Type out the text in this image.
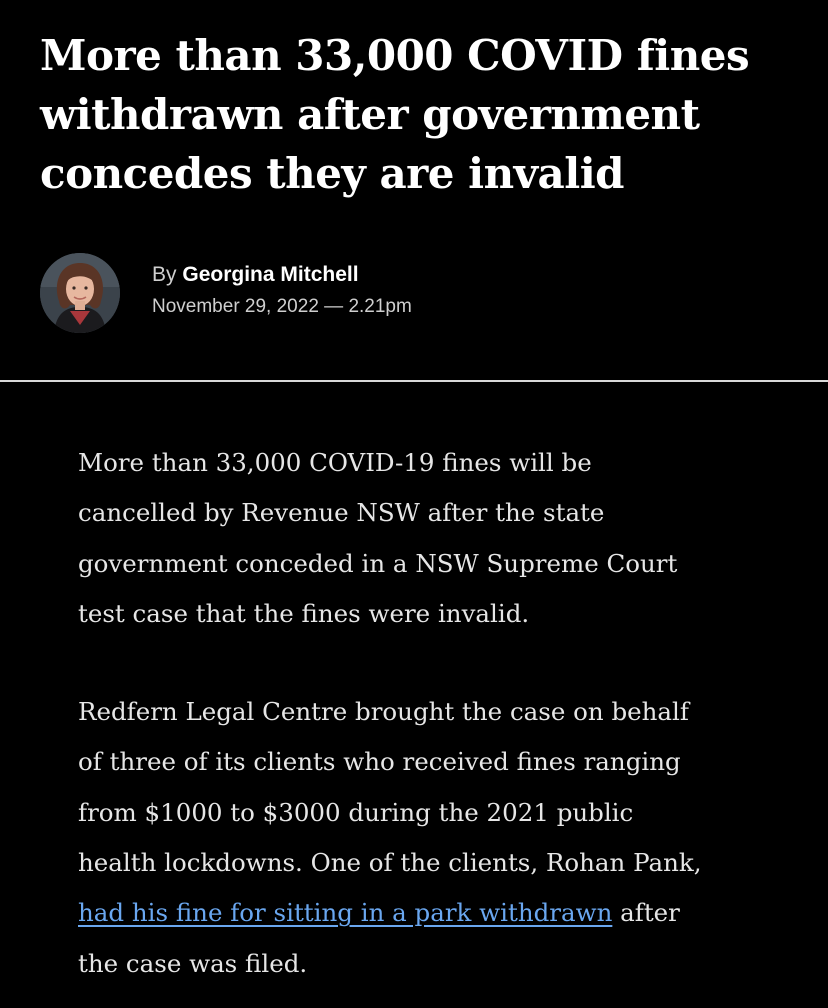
More than 33,000 COVID fines
withdrawn after government
concedes they are invalid
By Georgina Mitchell
November 29, 2022 — 2.21pm

More than 33,000 COVID-19 fines will be
cancelled by Revenue NSW after the state
government conceded in a NSW Supreme Court
test case that the fines were invalid.

Redfern Legal Centre brought the case on behalf
of three of its clients who received fines ranging
from $1000 to $3000 during the 2021 public
health lockdowns. One of the clients, Rohan Pank,
had his fine for sitting in a park withdrawn after
the case was filed.
